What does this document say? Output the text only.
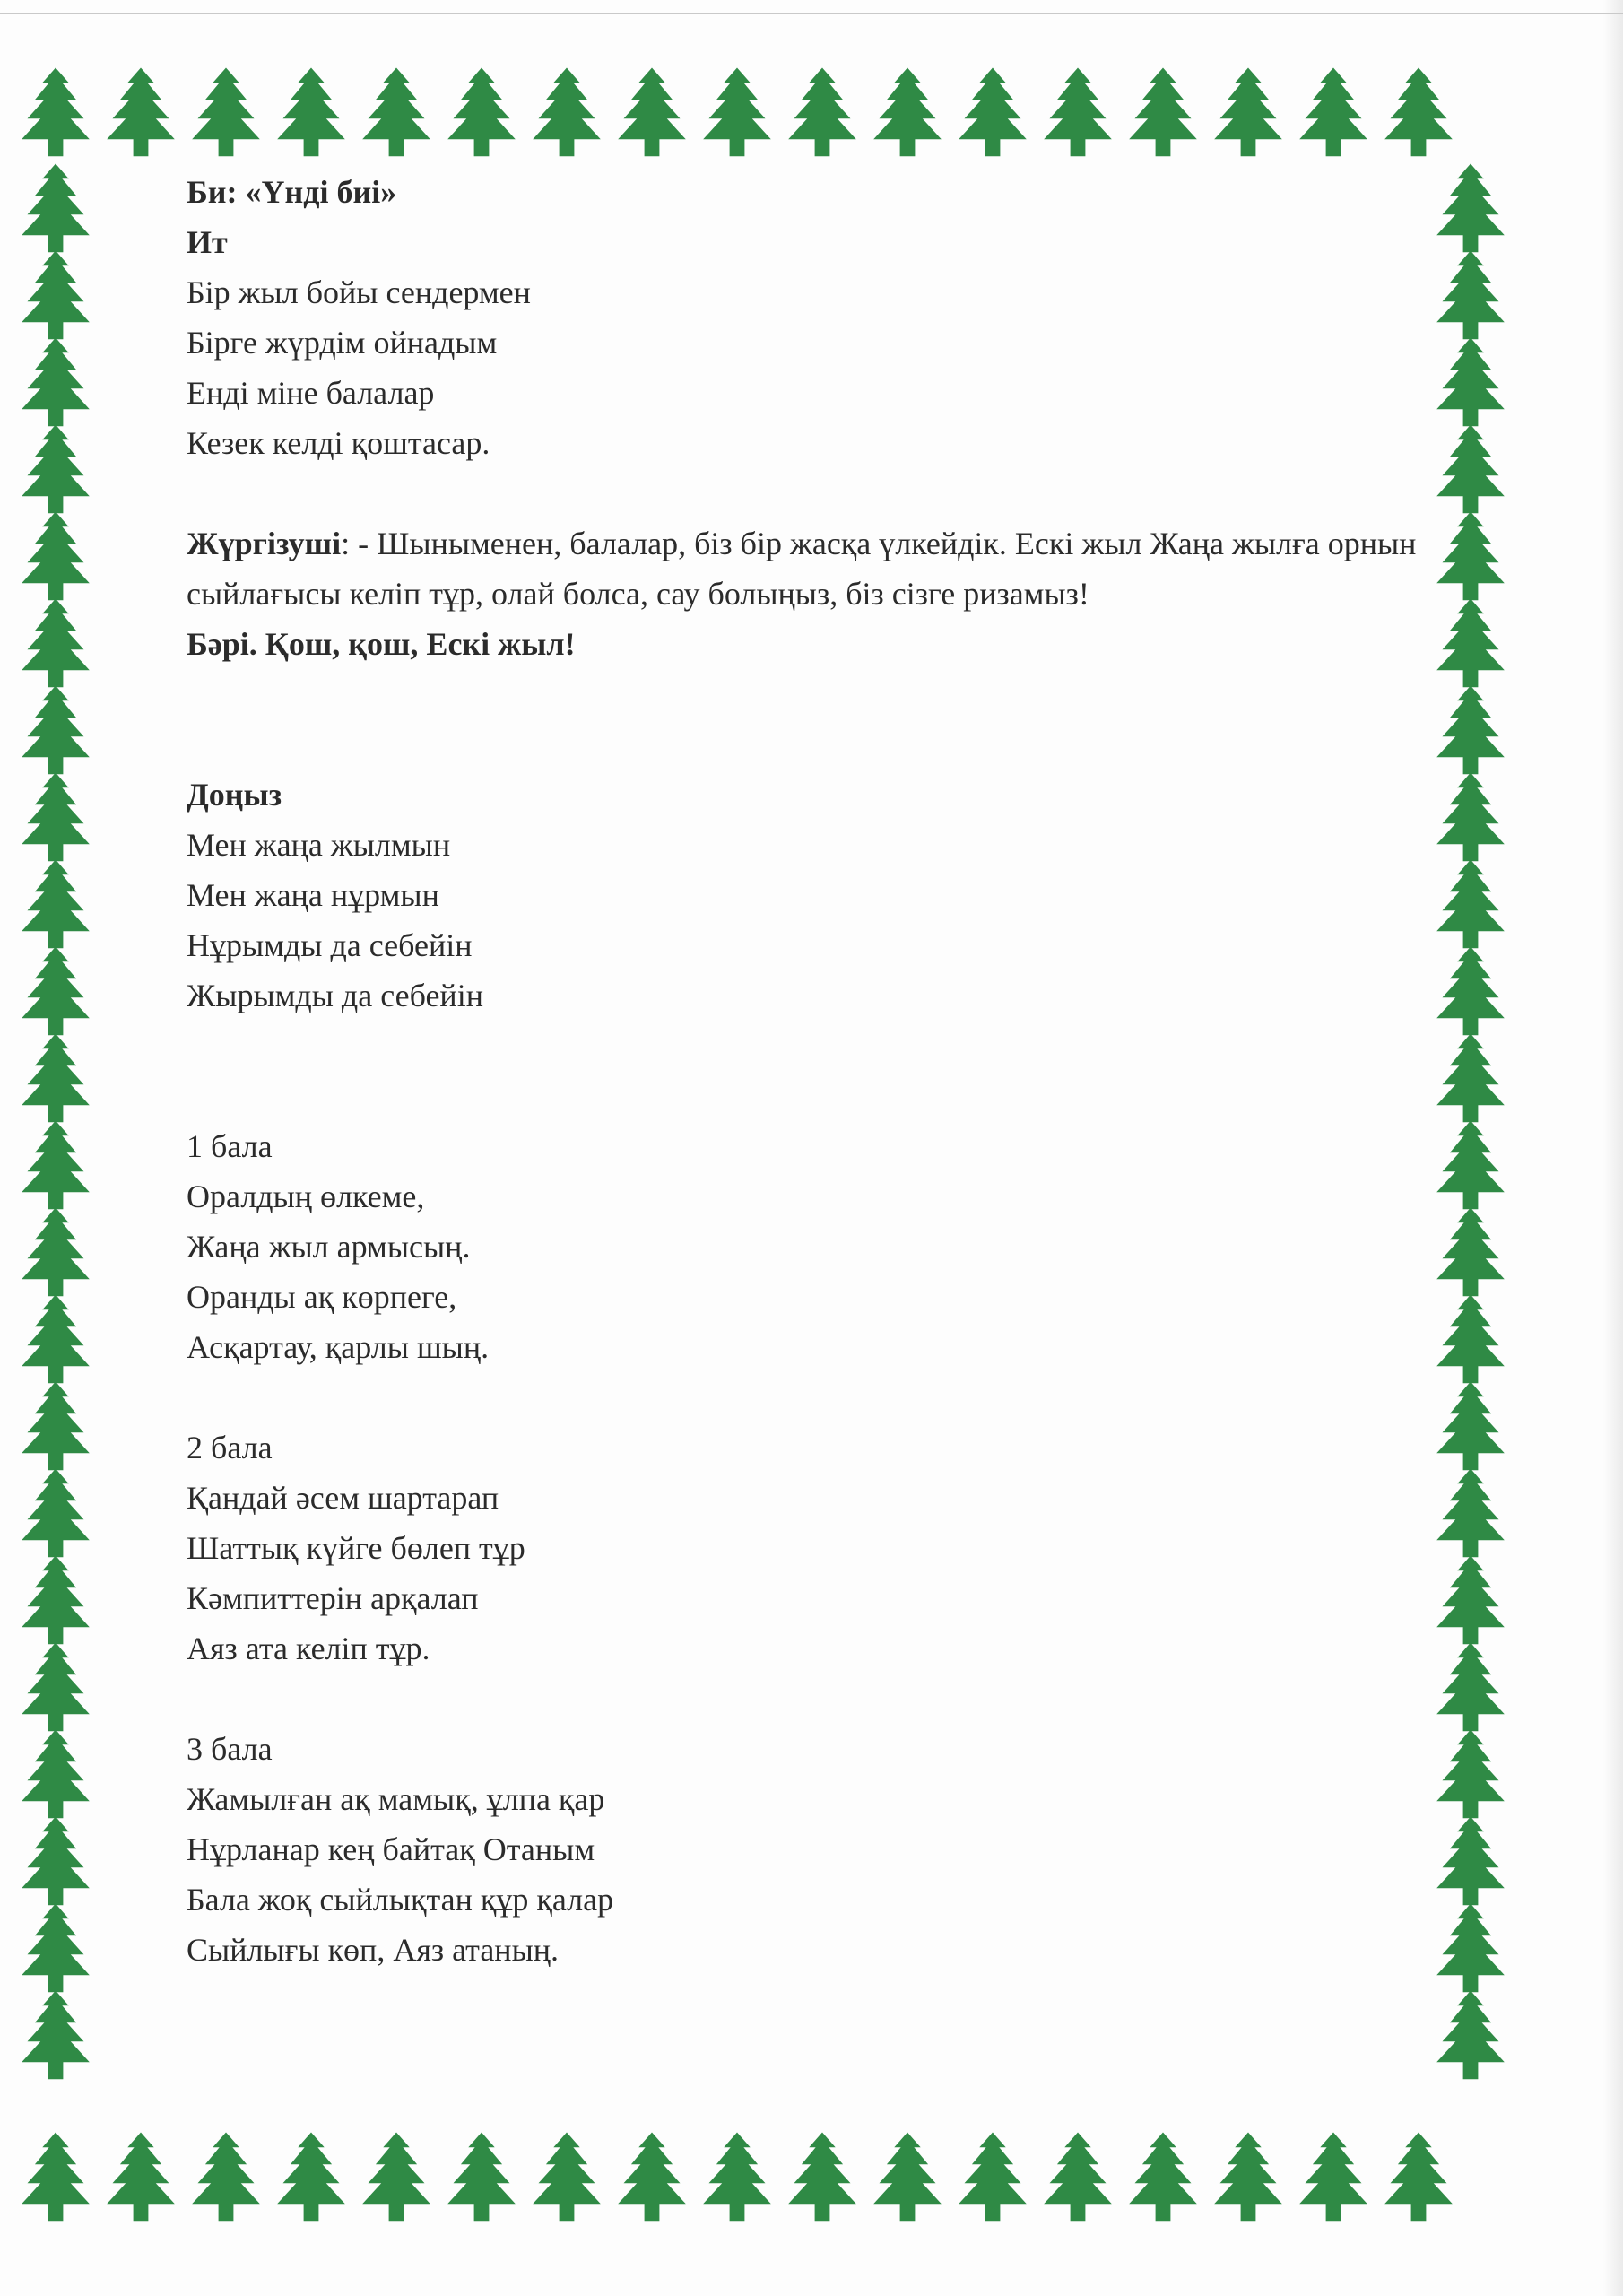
Би: «Үнді биі»
Ит
Бір жыл бойы сендермен
Бірге жүрдім ойнадым
Енді міне балалар
Кезек келді қоштасар.
Жүргізуші: - Шыныменен, балалар, біз бір жасқа үлкейдік. Ескі жыл Жаңа жылға орнын сыйлағысы келіп тұр, олай болса, сау болыңыз, біз сізге ризамыз!
Бәрі. Қош, қош, Ескі жыл!
Доңыз
Мен жаңа жылмын
Мен жаңа нұрмын
Нұрымды да себейін
Жырымды да себейін
1 бала
Оралдың өлкеме,
Жаңа жыл армысың.
Оранды ақ көрпеге,
Асқартау, қарлы шың.
2 бала
Қандай әсем шартарап
Шаттық күйге бөлеп тұр
Кәмпиттерін арқалап
Аяз ата келіп тұр.
3 бала
Жамылған ақ мамық, ұлпа қар
Нұрланар кең байтақ Отаным
Бала жоқ сыйлықтан құр қалар
Сыйлығы көп, Аяз атаның.
